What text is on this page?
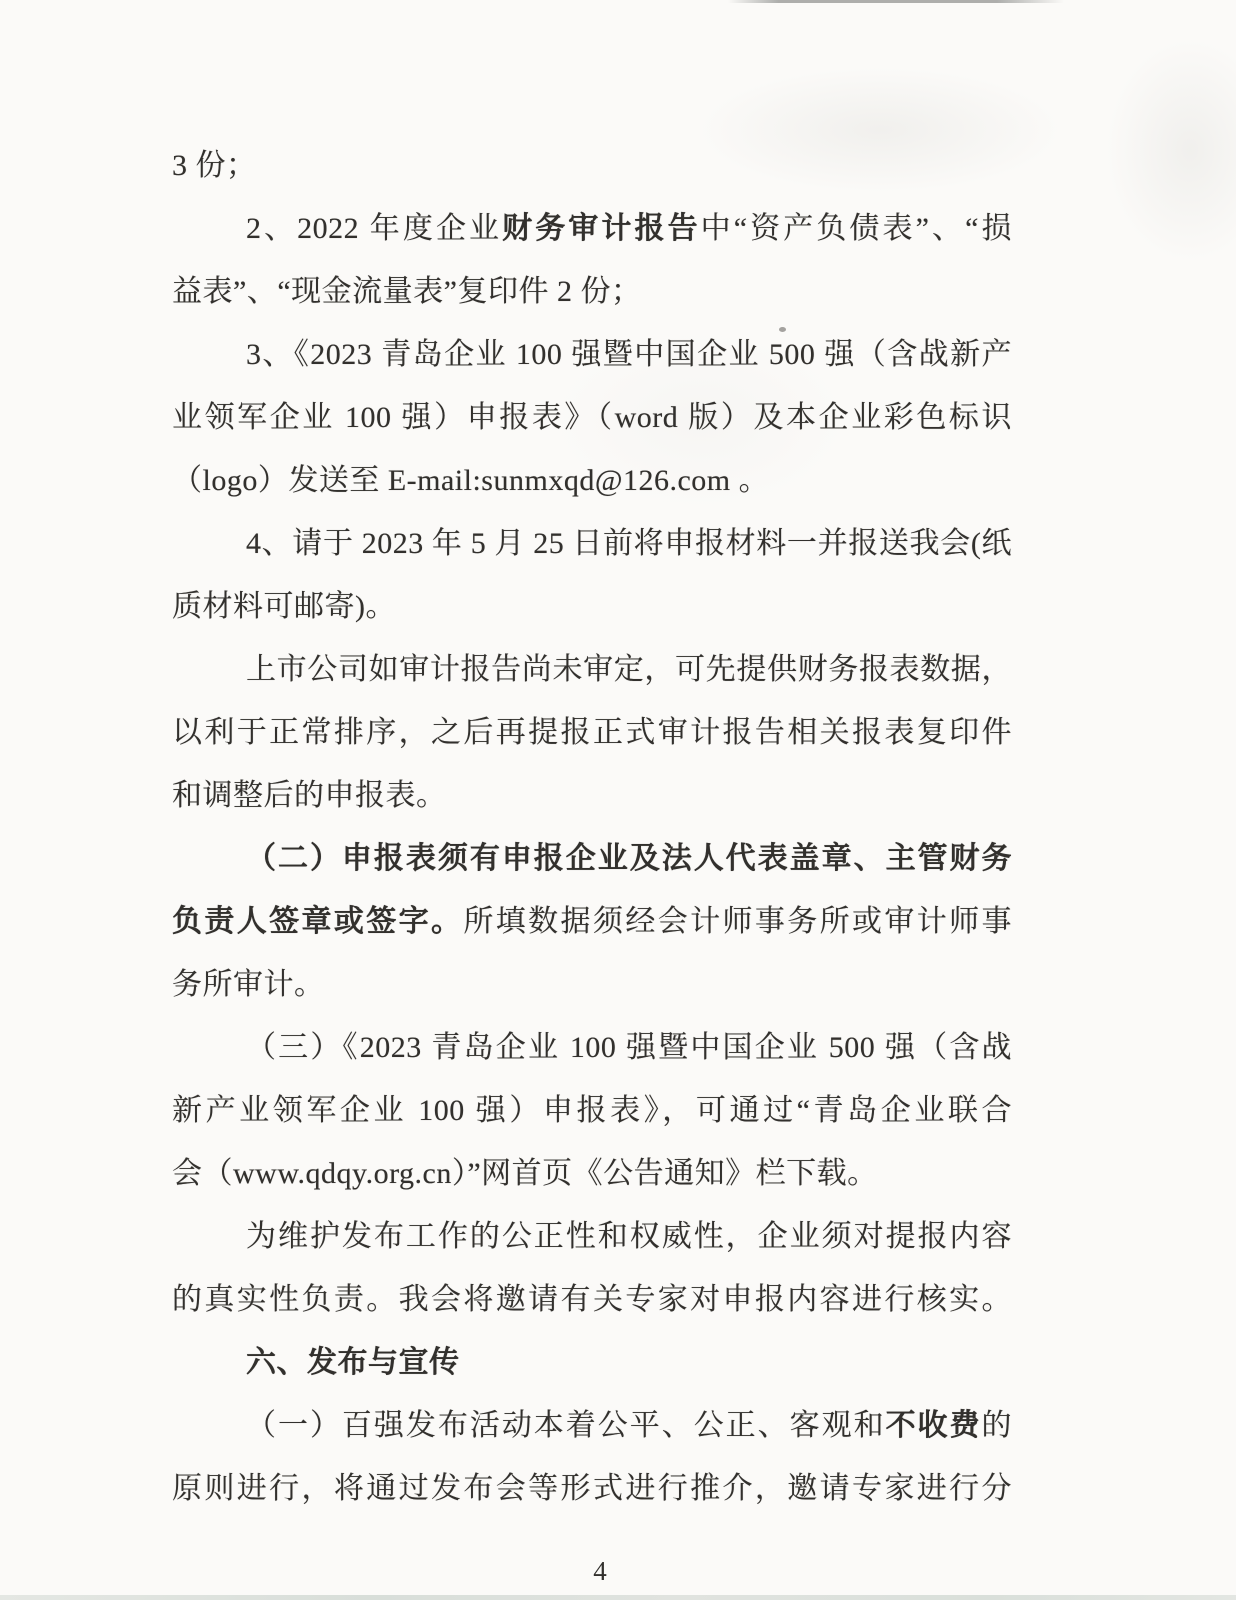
3 份；
2、2022 年度企业财务审计报告中“资产负债表”、“损
益表”、“现金流量表”复印件 2 份；
3、《2023 青岛企业 100 强暨中国企业 500 强（含战新产
业领军企业 100 强）申报表》（word 版）及本企业彩色标识
（logo）发送至 E-mail:sunmxqd@126.com 。
4、请于 2023 年 5 月 25 日前将申报材料一并报送我会(纸
质材料可邮寄)。
上市公司如审计报告尚未审定，可先提供财务报表数据，
以利于正常排序，之后再提报正式审计报告相关报表复印件
和调整后的申报表。
（二）申报表须有申报企业及法人代表盖章、主管财务
负责人签章或签字。所填数据须经会计师事务所或审计师事
务所审计。
（三）《2023 青岛企业 100 强暨中国企业 500 强（含战
新产业领军企业 100 强）申报表》，可通过“青岛企业联合
会（www.qdqy.org.cn）”网首页《公告通知》栏下载。
为维护发布工作的公正性和权威性，企业须对提报内容
的真实性负责。我会将邀请有关专家对申报内容进行核实。
六、发布与宣传
（一）百强发布活动本着公平、公正、客观和不收费的
原则进行，将通过发布会等形式进行推介，邀请专家进行分
4
